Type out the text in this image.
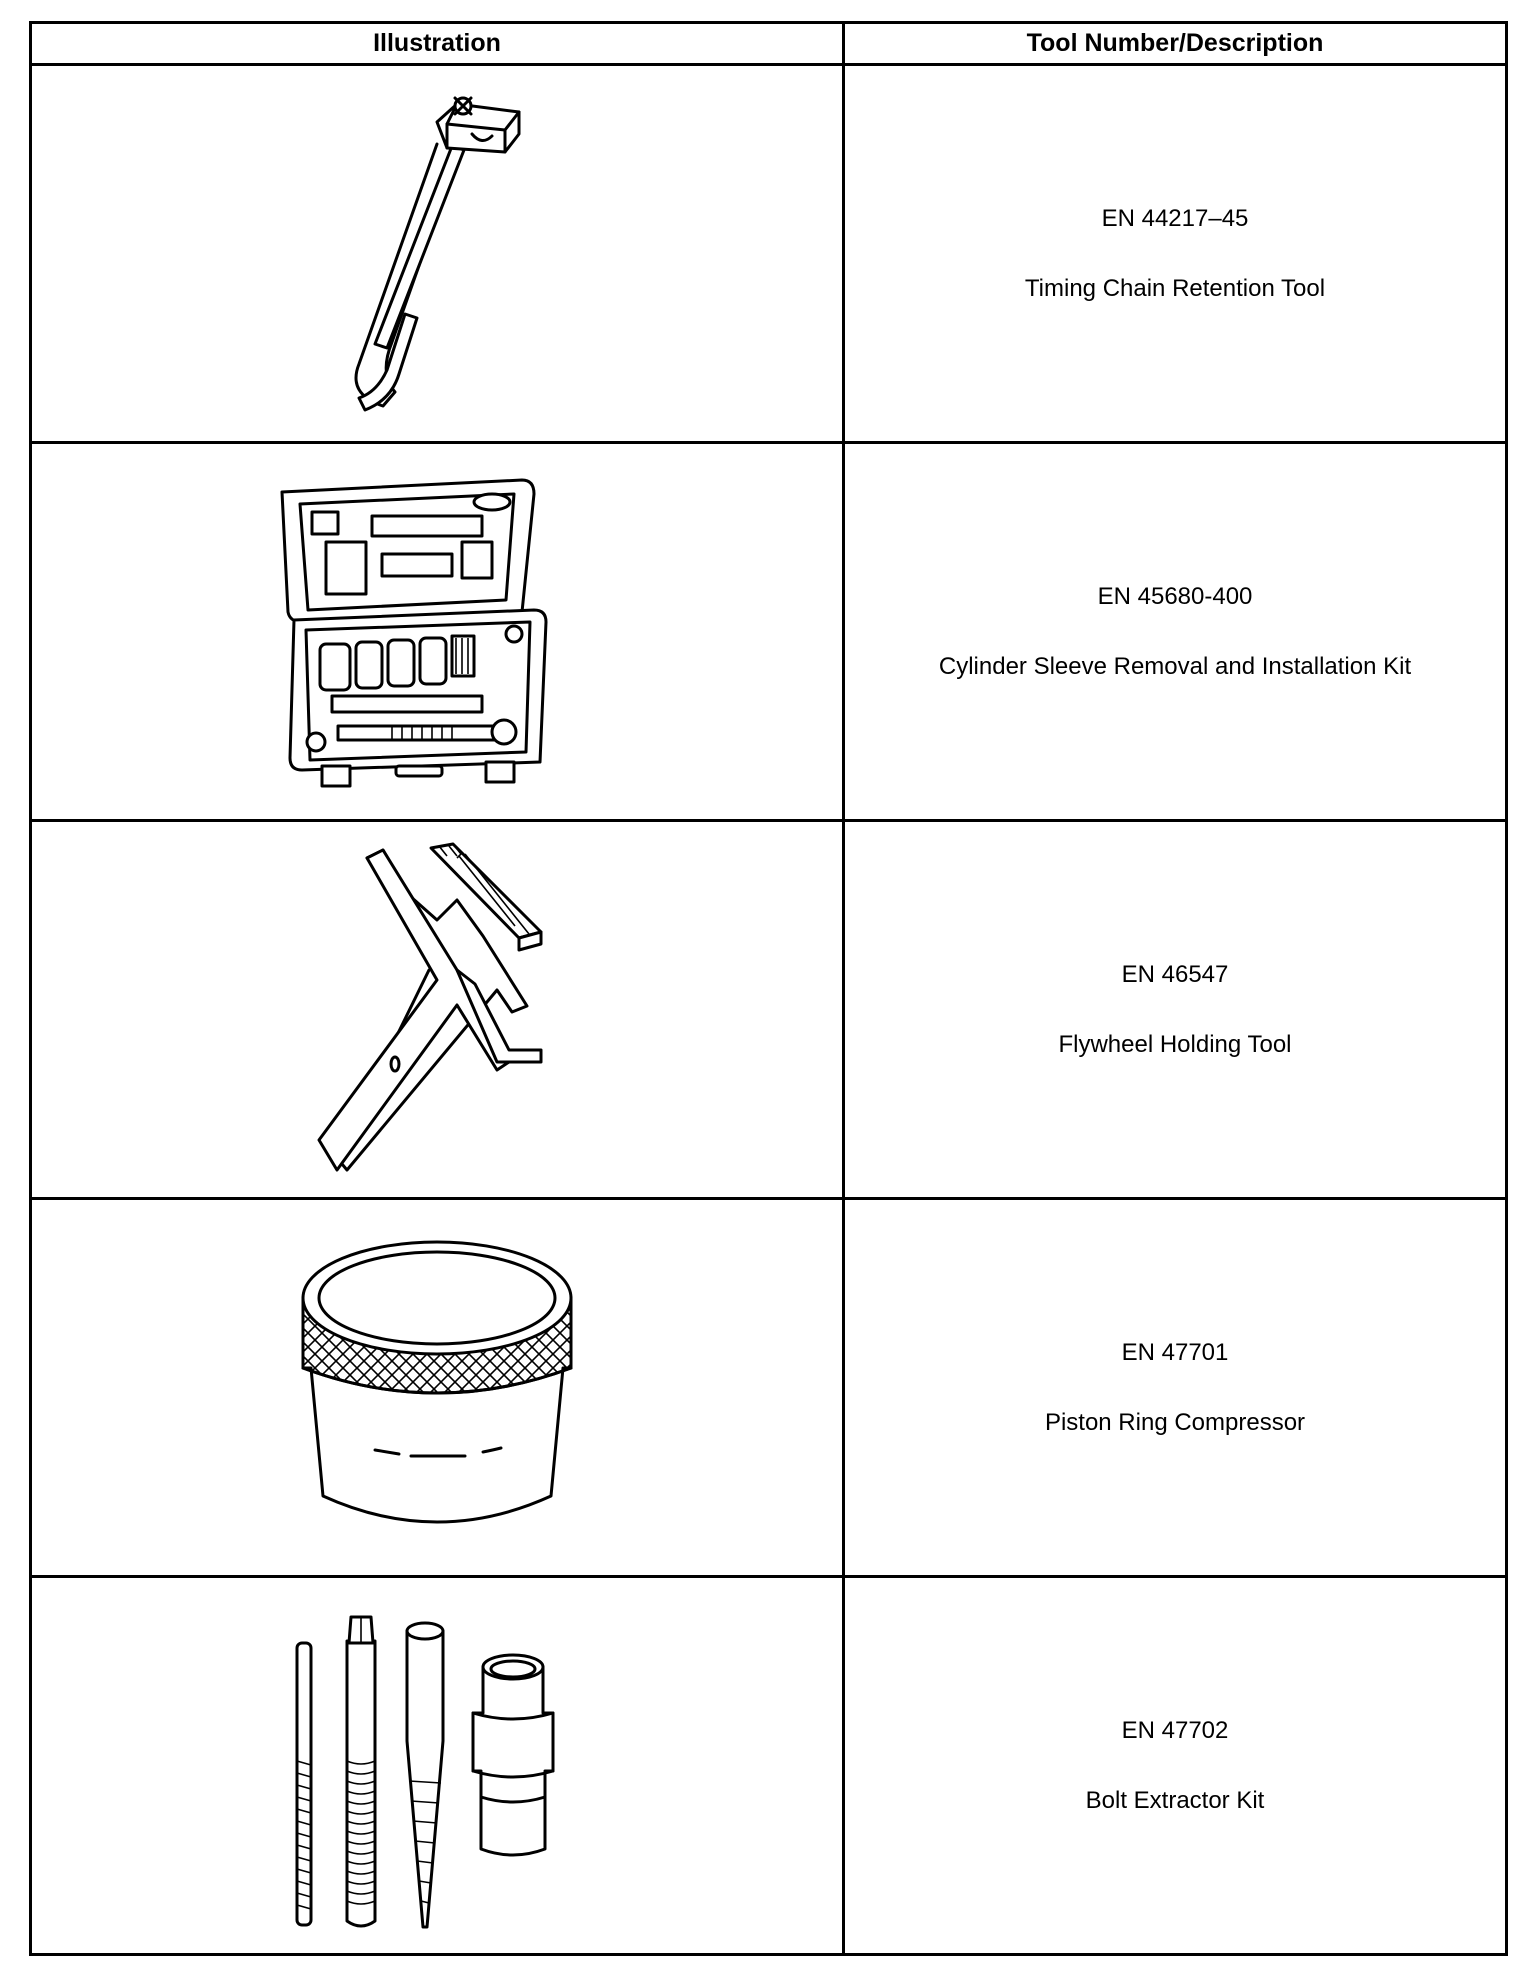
Illustration	Tool Number/Description

EN 44217–45
Timing Chain Retention Tool

EN 45680-400
Cylinder Sleeve Removal and Installation Kit

EN 46547
Flywheel Holding Tool

EN 47701
Piston Ring Compressor

EN 47702
Bolt Extractor Kit
